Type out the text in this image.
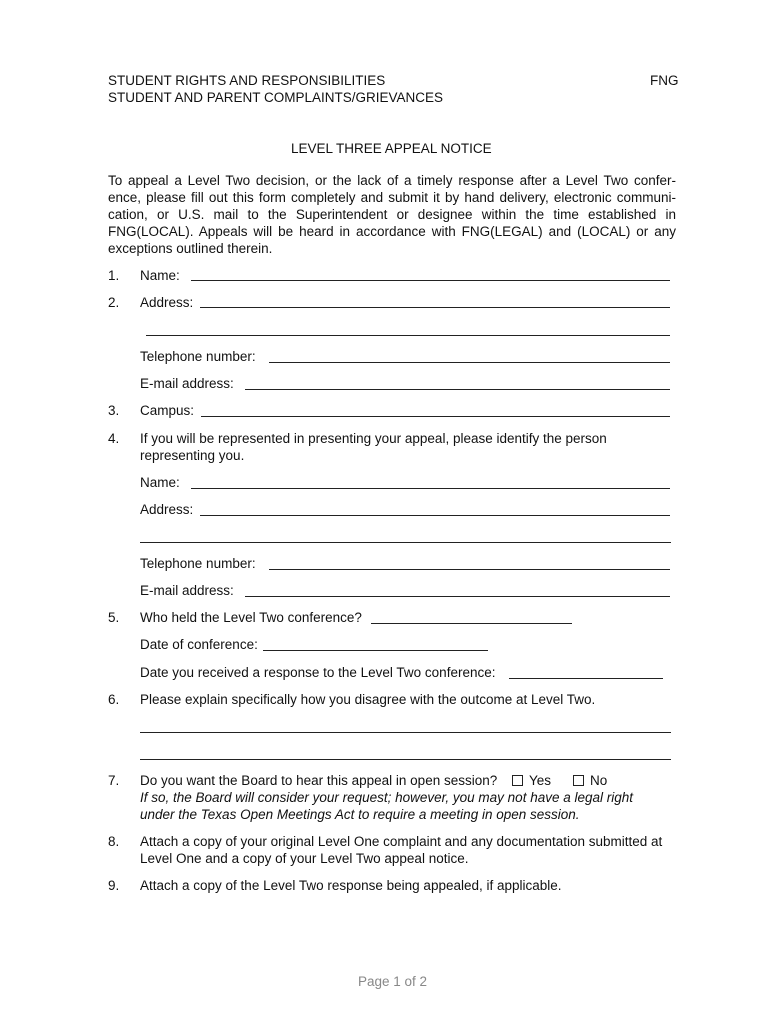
STUDENT RIGHTS AND RESPONSIBILITIES
STUDENT AND PARENT COMPLAINTS/GRIEVANCES
FNG
LEVEL THREE APPEAL NOTICE
To appeal a Level Two decision, or the lack of a timely response after a Level Two confer-
ence, please fill out this form completely and submit it by hand delivery, electronic communi-
cation, or U.S. mail to the Superintendent or designee within the time established in
FNG(LOCAL). Appeals will be heard in accordance with FNG(LEGAL) and (LOCAL) or any
exceptions outlined therein.
1. Name:
2. Address:
Telephone number:
E-mail address:
3. Campus:
4. If you will be represented in presenting your appeal, please identify the person
representing you.
Name:
Address:
Telephone number:
E-mail address:
5. Who held the Level Two conference?
Date of conference:
Date you received a response to the Level Two conference:
6. Please explain specifically how you disagree with the outcome at Level Two.
7. Do you want the Board to hear this appeal in open session?	Yes	No
If so, the Board will consider your request; however, you may not have a legal right
under the Texas Open Meetings Act to require a meeting in open session.
8. Attach a copy of your original Level One complaint and any documentation submitted at
Level One and a copy of your Level Two appeal notice.
9. Attach a copy of the Level Two response being appealed, if applicable.
Page 1 of 2
